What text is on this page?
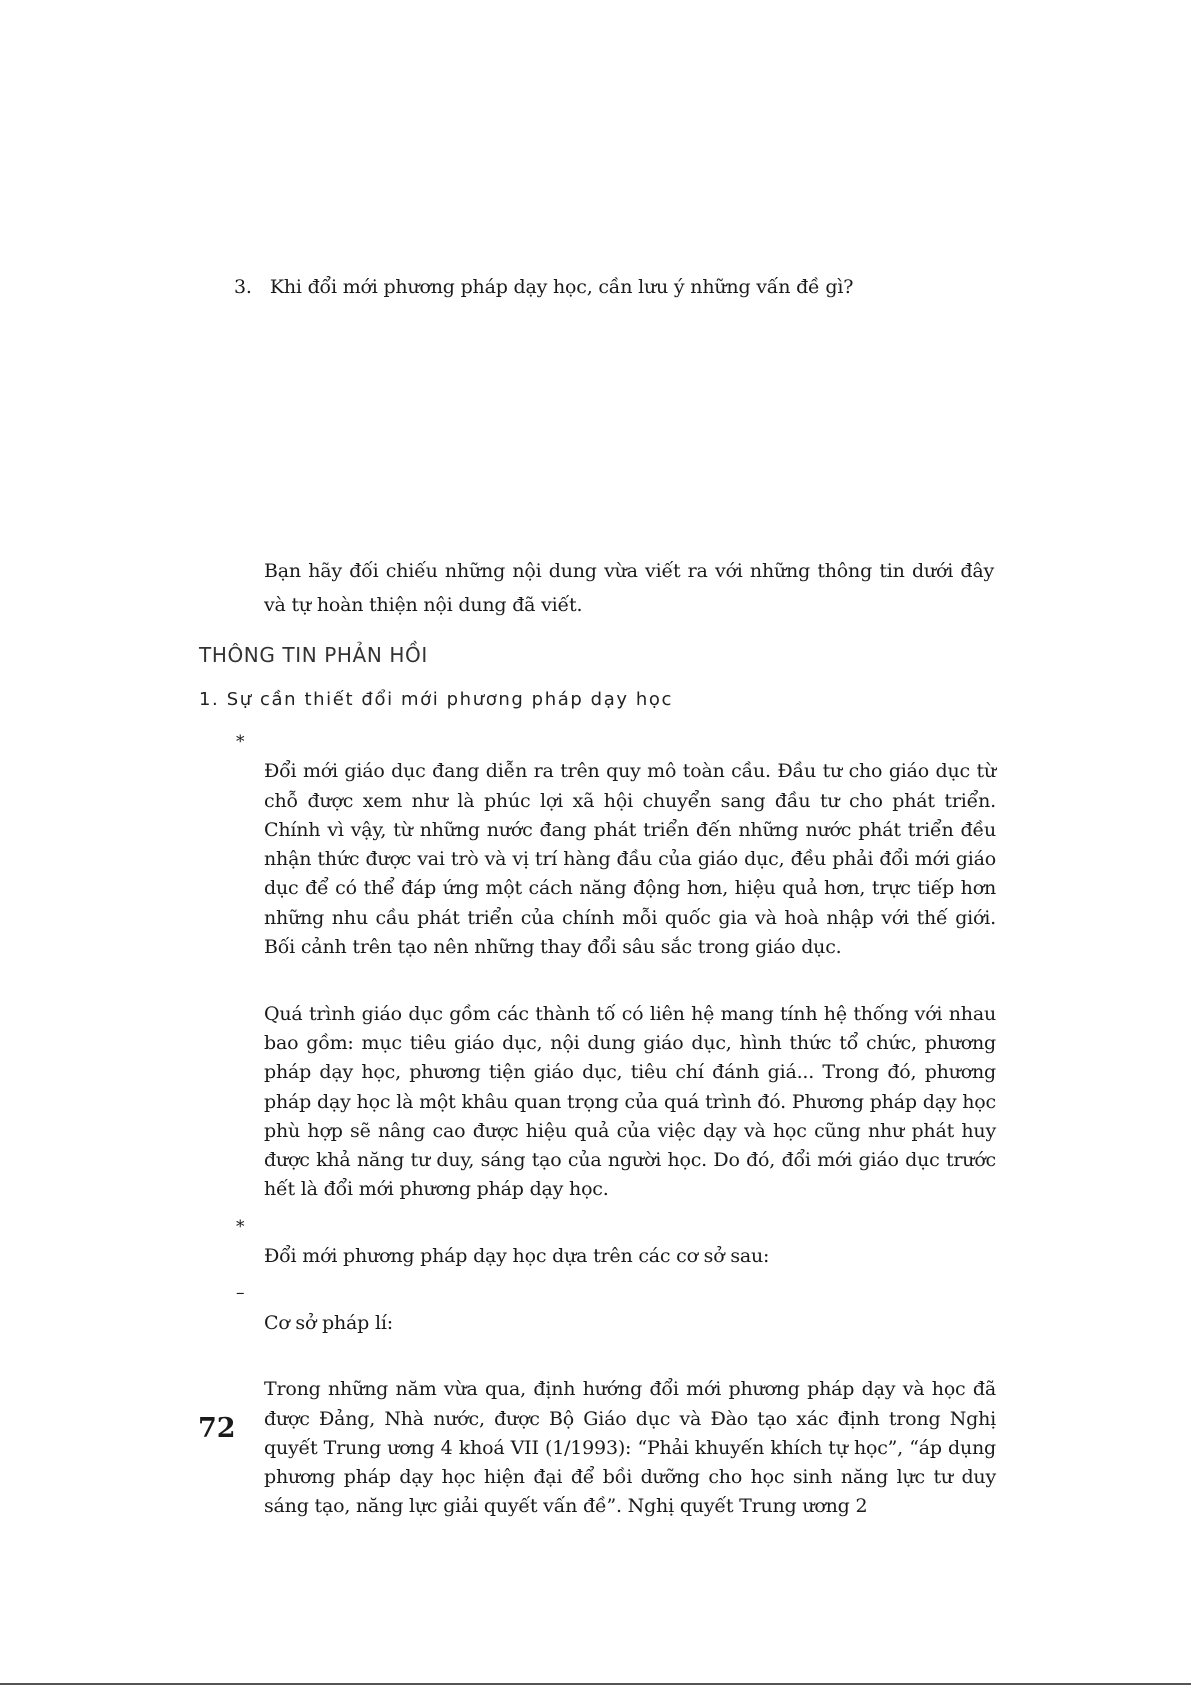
3. Khi đổi mới phương pháp dạy học, cần lưu ý những vấn đề gì?
Bạn hãy đối chiếu những nội dung vừa viết ra với những thông tin dưới đây và tự hoàn thiện nội dung đã viết.
THÔNG TIN PHẢN HỒI
1. Sự cần thiết đổi mới phương pháp dạy học

*
Đổi mới giáo dục đang diễn ra trên quy mô toàn cầu. Đầu tư cho giáo dục từ chỗ được xem như là phúc lợi xã hội chuyển sang đầu tư cho phát triển. Chính vì vậy, từ những nước đang phát triển đến những nước phát triển đều nhận thức được vai trò và vị trí hàng đầu của giáo dục, đều phải đổi mới giáo dục để có thể đáp ứng một cách năng động hơn, hiệu quả hơn, trực tiếp hơn những nhu cầu phát triển của chính mỗi quốc gia và hoà nhập với thế giới. Bối cảnh trên tạo nên những thay đổi sâu sắc trong giáo dục.

Quá trình giáo dục gồm các thành tố có liên hệ mang tính hệ thống với nhau bao gồm: mục tiêu giáo dục, nội dung giáo dục, hình thức tổ chức, phương pháp dạy học, phương tiện giáo dục, tiêu chí đánh giá... Trong đó, phương pháp dạy học là một khâu quan trọng của quá trình đó. Phương pháp dạy học phù hợp sẽ nâng cao được hiệu quả của việc dạy và học cũng như phát huy được khả năng tư duy, sáng tạo của người học. Do đó, đổi mới giáo dục trước hết là đổi mới phương pháp dạy học.

*
Đổi mới phương pháp dạy học dựa trên các cơ sở sau:

–
Cơ sở pháp lí:

Trong những năm vừa qua, định hướng đổi mới phương pháp dạy và học đã được Đảng, Nhà nước, được Bộ Giáo dục và Đào tạo xác định trong Nghị quyết Trung ương 4 khoá VII (1/1993): “Phải khuyến khích tự học”, “áp dụng phương pháp dạy học hiện đại để bồi dưỡng cho học sinh năng lực tư duy sáng tạo, năng lực giải quyết vấn đề”. Nghị quyết Trung ương 2

72
